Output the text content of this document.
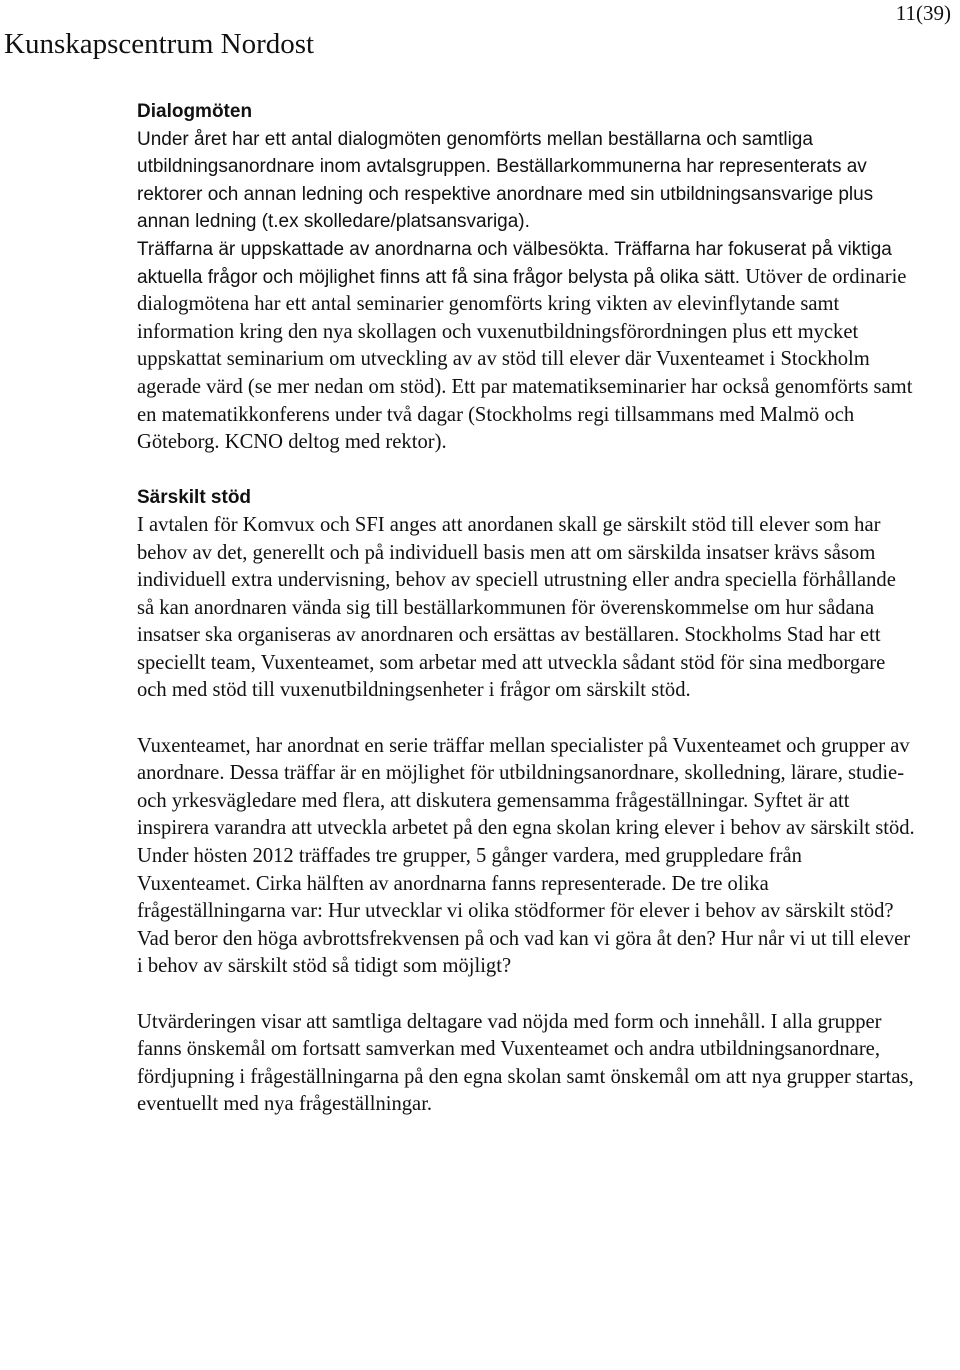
Kunskapscentrum Nordost
11(39)
Dialogmöten

Under året har ett antal dialogmöten genomförts mellan beställarna och samtliga utbildningsanordnare inom avtalsgruppen. Beställarkommunerna har representerats av rektorer och annan ledning och respektive anordnare med sin utbildningsansvarige plus annan ledning (t.ex skolledare/platsansvariga).

Träffarna är uppskattade av anordnarna och välbesökta. Träffarna har fokuserat på viktiga aktuella frågor och möjlighet finns att få sina frågor belysta på olika sätt. Utöver de ordinarie dialogmötena har ett antal seminarier genomförts kring vikten av elevinflytande samt information kring den nya skollagen och vuxenutbildningsförordningen plus ett mycket uppskattat seminarium om utveckling av av stöd till elever där Vuxenteamet i Stockholm agerade värd (se mer nedan om stöd). Ett par matematikseminarier har också genomförts samt en matematikkonferens under två dagar (Stockholms regi tillsammans med Malmö och Göteborg. KCNO deltog med rektor).

Särskilt stöd

I avtalen för Komvux och SFI anges att anordanen skall ge särskilt stöd till elever som har behov av det, generellt och på individuell basis men att om särskilda insatser krävs såsom individuell extra undervisning, behov av speciell utrustning eller andra speciella förhållande så kan anordnaren vända sig till beställarkommunen för överenskommelse om hur sådana insatser ska organiseras av anordnaren och ersättas av beställaren. Stockholms Stad har ett speciellt team, Vuxenteamet, som arbetar med att utveckla sådant stöd för sina medborgare och med stöd till vuxenutbildningsenheter i frågor om särskilt stöd.

Vuxenteamet, har anordnat en serie träffar mellan specialister på Vuxenteamet och grupper av anordnare. Dessa träffar är en möjlighet för utbildningsanordnare, skolledning, lärare, studie- och yrkesvägledare med flera, att diskutera gemensamma frågeställningar. Syftet är att inspirera varandra att utveckla arbetet på den egna skolan kring elever i behov av särskilt stöd. Under hösten 2012 träffades tre grupper, 5 gånger vardera, med gruppledare från Vuxenteamet. Cirka hälften av anordnarna fanns representerade. De tre olika frågeställningarna var: Hur utvecklar vi olika stödformer för elever i behov av särskilt stöd? Vad beror den höga avbrottsfrekvensen på och vad kan vi göra åt den? Hur når vi ut till elever i behov av särskilt stöd så tidigt som möjligt?

Utvärderingen visar att samtliga deltagare vad nöjda med form och innehåll. I alla grupper fanns önskemål om fortsatt samverkan med Vuxenteamet och andra utbildningsanordnare, fördjupning i frågeställningarna på den egna skolan samt önskemål om att nya grupper startas, eventuellt med nya frågeställningar.
